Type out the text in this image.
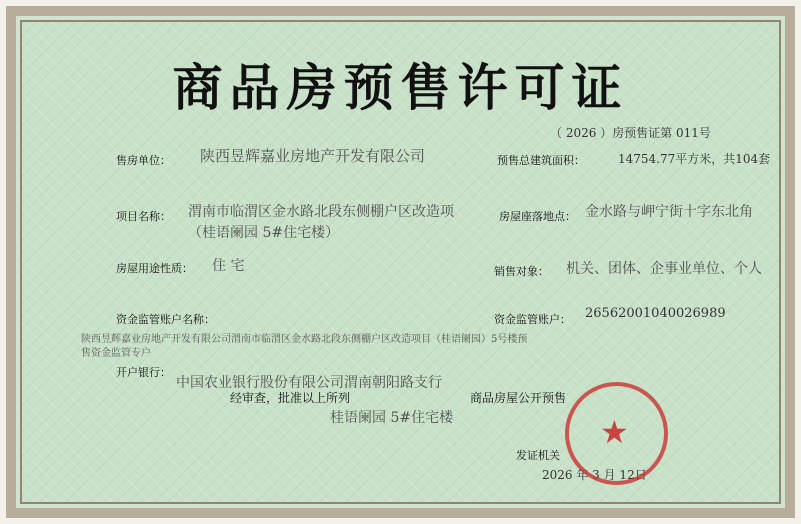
商品房预售许可证
（ 2026 ）房预售证第 011号
售房单位： 陕西昱辉嘉业房地产开发有限公司	预售总建筑面积：	14754.77平方米，共104套
项目名称： 渭南市临渭区金水路北段东侧棚户区改造项
（桂语阑园 5#住宅楼）
房屋座落地点： 金水路与岬宁街十字东北角
房屋用途性质： 住 宅	销售对象： 机关、团体、企事业单位、个人
资金监管账户名称：
陕西昱辉嘉业房地产开发有限公司渭南市临渭区金水路北段东侧棚户区改造项目（桂语阑园）5号楼预售资金监管专户
资金监管账户： 2656200104002698​9
开户银行：
中国农业银行股份有限公司渭南朝阳路支行
经审查，批准以上所列	商品房屋公开预售
桂语阑园 5#住宅楼
发证机关
2026 年 3 月 12日
★
